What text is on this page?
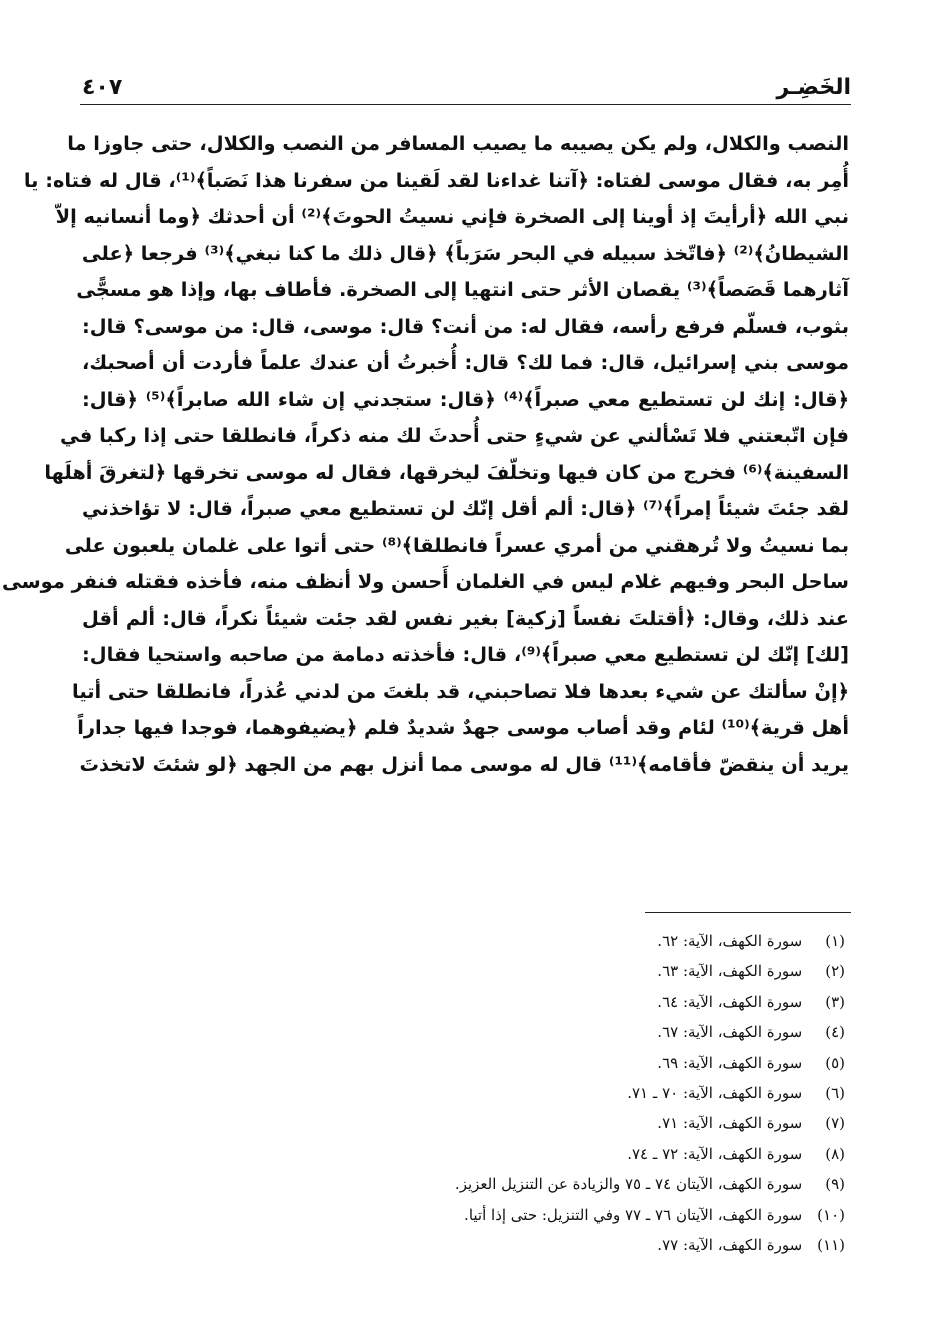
الخَضِـر
٤٠٧
النصب والكلال، ولم يكن يصيبه ما يصيب المسافر من النصب والكلال، حتى جاوزا ما
أُمِر به، فقال موسى لفتاه: ﴿آتنا غداءنا لقد لَقينا من سفرنا هذا نَصَباً﴾⁽¹⁾، قال له فتاه: يا
نبي الله ﴿أرأيتَ إذ أوينا إلى الصخرة فإني نسيتُ الحوتَ﴾⁽²⁾ أن أحدثك ﴿وما أنسانيه إلاّ
الشيطانُ﴾⁽²⁾ ﴿فاتّخذ سبيله في البحر سَرَباً﴾ ﴿قال ذلك ما كنا نبغي﴾⁽³⁾ فرجعا ﴿على
آثارهما قَصَصاً﴾⁽³⁾ يقصان الأثر حتى انتهيا إلى الصخرة. فأطاف بها، وإذا هو مسجًّى
بثوب، فسلّم فرفع رأسه، فقال له: من أنت؟ قال: موسى، قال: من موسى؟ قال:
موسى بني إسرائيل، قال: فما لك؟ قال: أُخبرتُ أن عندك علماً فأردت أن أصحبك،
﴿قال: إنك لن تستطيع معي صبراً﴾⁽⁴⁾ ﴿قال: ستجدني إن شاء الله صابراً﴾⁽⁵⁾ ﴿قال:
فإن اتّبعتني فلا تَسْألني عن شيءٍ حتى أُحدثَ لك منه ذكراً، فانطلقا حتى إذا ركبا في
السفينة﴾⁽⁶⁾ فخرج من كان فيها وتخلّفَ ليخرقها، فقال له موسى تخرقها ﴿لتغرقَ أهلَها
لقد جئتَ شيئاً إمراً﴾⁽⁷⁾ ﴿قال: ألم أقل إنّك لن تستطيع معي صبراً، قال: لا تؤاخذني
بما نسيتُ ولا تُرهقني من أمري عسراً فانطلقا﴾⁽⁸⁾ حتى أتوا على غلمان يلعبون على
ساحل البحر وفيهم غلام ليس في الغلمان أَحسن ولا أنظف منه، فأخذه فقتله فنفر موسى
عند ذلك، وقال: ﴿أقتلتَ نفساً [زكية] بغير نفس لقد جئت شيئاً نكراً، قال: ألم أقل
[لك] إنّك لن تستطيع معي صبراً﴾⁽⁹⁾، قال: فأخذته دمامة من صاحبه واستحيا فقال:
﴿إنْ سألتك عن شيء بعدها فلا تصاحبني، قد بلغتَ من لدني عُذراً، فانطلقا حتى أتيا
أهل قرية﴾⁽¹⁰⁾ لئام وقد أصاب موسى جهدٌ شديدٌ فلم ﴿يضيفوهما، فوجدا فيها جداراً
يريد أن ينقضّ فأقامه﴾⁽¹¹⁾ قال له موسى مما أنزل بهم من الجهد ﴿لو شئتَ لاتخذتَ
(١) سورة الكهف، الآية: ٦٢.
(٢) سورة الكهف، الآية: ٦٣.
(٣) سورة الكهف، الآية: ٦٤.
(٤) سورة الكهف، الآية: ٦٧.
(٥) سورة الكهف، الآية: ٦٩.
(٦) سورة الكهف، الآية: ٧٠ ـ ٧١.
(٧) سورة الكهف، الآية: ٧١.
(٨) سورة الكهف، الآية: ٧٢ ـ ٧٤.
(٩) سورة الكهف، الآيتان ٧٤ ـ ٧٥ والزيادة عن التنزيل العزيز.
(١٠) سورة الكهف، الآيتان ٧٦ ـ ٧٧ وفي التنزيل: حتى إذا أتيا.
(١١) سورة الكهف، الآية: ٧٧.
